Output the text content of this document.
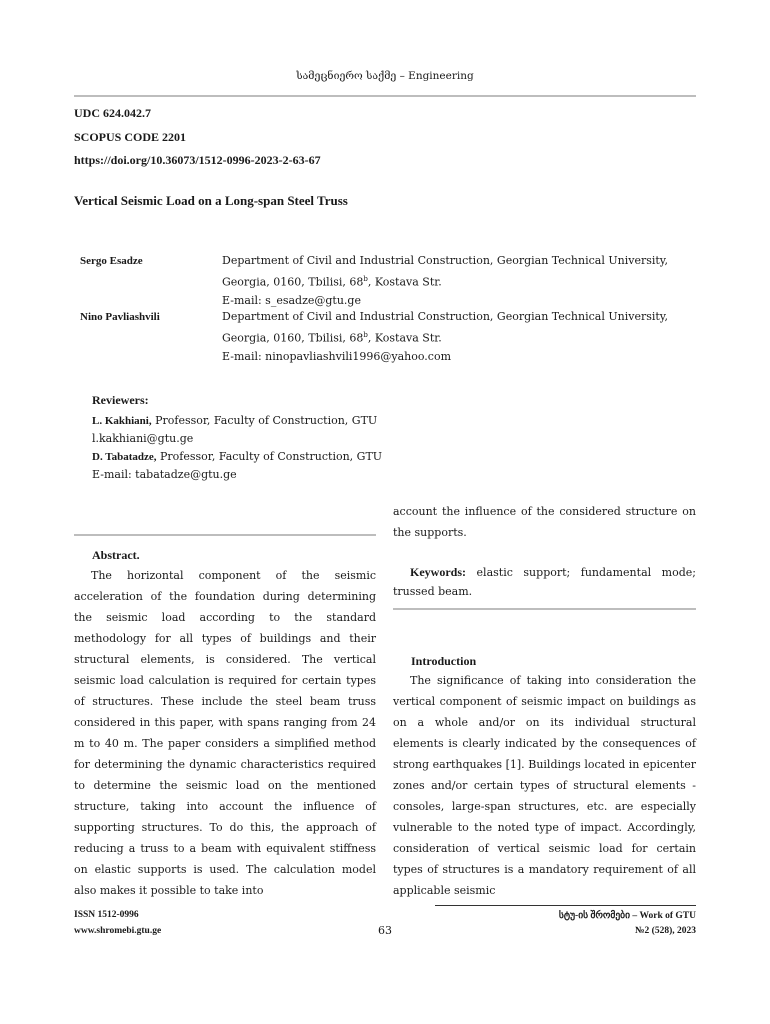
სამეცნიერო საქმე – Engineering
UDC 624.042.7
SCOPUS CODE 2201
https://doi.org/10.36073/1512-0996-2023-2-63-67
Vertical Seismic Load on a Long-span Steel Truss
Sergo Esadze	Department of Civil and Industrial Construction, Georgian Technical University,
Georgia, 0160, Tbilisi, 68$^b$, Kostava Str.
E-mail: s_esadze@gtu.ge
Nino Pavliashvili	Department of Civil and Industrial Construction, Georgian Technical University,
Georgia, 0160, Tbilisi, 68$^b$, Kostava Str.
E-mail: ninopavliashvili1996@yahoo.com
Reviewers:
L. Kakhiani, Professor, Faculty of Construction, GTU
l.kakhiani@gtu.ge
D. Tabatadze, Professor, Faculty of Construction, GTU
E-mail: tabatadze@gtu.ge
Abstract.
The horizontal component of the seismic acceleration of the foundation during determining the seismic load according to the standard methodology for all types of buildings and their structural elements, is considered. The vertical seismic load calculation is required for certain types of structures. These include the steel beam truss considered in this paper, with spans ranging from 24 m to 40 m. The paper considers a simplified method for determining the dynamic characteristics required to determine the seismic load on the mentioned structure, taking into account the influence of supporting structures. To do this, the approach of reducing a truss to a beam with equivalent stiffness on elastic supports is used. The calculation model also makes it possible to take into
account the influence of the considered structure on the supports.
Keywords: elastic support; fundamental mode; trussed beam.
Introduction
The significance of taking into consideration the vertical component of seismic impact on buildings as on a whole and/or on its individual structural elements is clearly indicated by the consequences of strong earthquakes [1]. Buildings located in epicenter zones and/or certain types of structural elements - consoles, large-span structures, etc. are especially vulnerable to the noted type of impact. Accordingly, consideration of vertical seismic load for certain types of structures is a mandatory requirement of all applicable seismic
ISSN 1512-0996
www.shromebi.gtu.ge	63
სტუ-ის შრომები – Work of GTU
№2 (528), 2023
